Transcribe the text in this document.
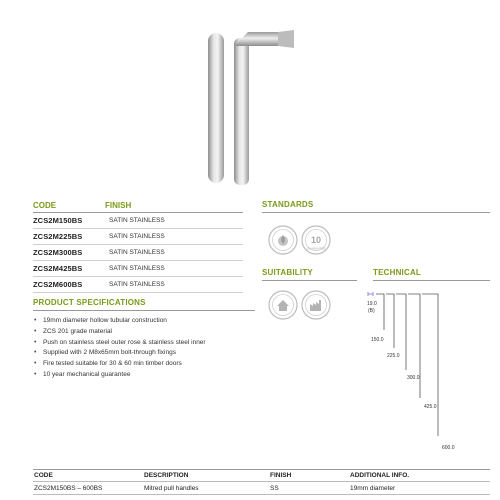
CODE	FINISH
ZCS2M150BS	SATIN STAINLESS
ZCS2M225BS	SATIN STAINLESS
ZCS2M300BS	SATIN STAINLESS
ZCS2M425BS	SATIN STAINLESS
ZCS2M600BS	SATIN STAINLESS
PRODUCT SPECIFICATIONS
• 19mm diameter hollow tubular construction
• ZCS 201 grade material
• Push on stainless steel outer rose & stainless steel inner
• Supplied with 2 M8x65mm bolt-through fixings
• Fire tested suitable for 30 & 60 min timber doors
• 10 year mechanical guarantee
STANDARDS
10
GUARANTEE
SUITABILITY	TECHNICAL
19.0
(B)
150.0
225.0
300.0
425.0
600.0
CODE	DESCRIPTION	FINISH	ADDITIONAL INFO.
ZCS2M150BS – 600BS	Mitred pull handles	SS	19mm diameter
